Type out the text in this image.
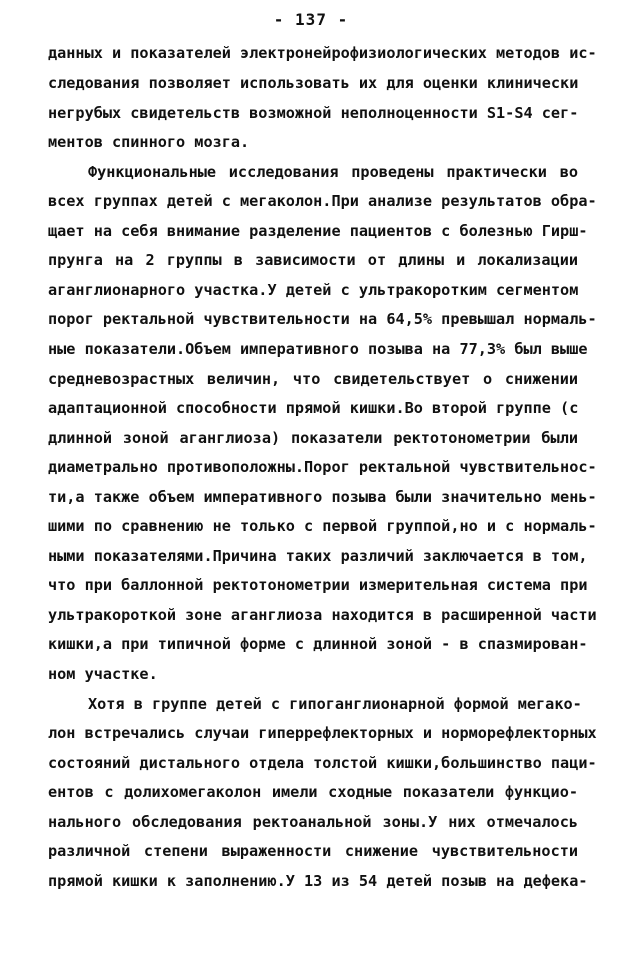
- 137 -
данных и показателей электронейрофизиологических методов ис-
следования позволяет использовать их для оценки клинически
негрубых свидетельств возможной неполноценности S1-S4 сег-
ментов спинного мозга.
Функциональные исследования проведены практически во
всех группах детей с мегаколон.При анализе результатов обра-
щает на себя внимание разделение пациентов с болезнью Гирш-
прунга на 2 группы в зависимости от длины и локализации
аганглионарного участка.У детей с ультракоротким сегментом
порог ректальной чувствительности на 64,5% превышал нормаль-
ные показатели.Объем императивного позыва на 77,3% был выше
средневозрастных величин, что свидетельствует о снижении
адаптационной способности прямой кишки.Во второй группе (с
длинной зоной аганглиоза) показатели ректотонометрии были
диаметрально противоположны.Порог ректальной чувствительнос-
ти,а также объем императивного позыва были значительно мень-
шими по сравнению не только с первой группой,но и с нормаль-
ными показателями.Причина таких различий заключается в том,
что при баллонной ректотонометрии измерительная система при
ультракороткой зоне аганглиоза находится в расширенной части
кишки,а при типичной форме с длинной зоной - в спазмирован-
ном участке.
Хотя в группе детей с гипоганглионарной формой мегако-
лон встречались случаи гиперрефлекторных и норморефлекторных
состояний дистального отдела толстой кишки,большинство паци-
ентов с долихомегаколон имели сходные показатели функцио-
нального обследования ректоанальной зоны.У них отмечалось
различной степени выраженности снижение чувствительности
прямой кишки к заполнению.У 13 из 54 детей позыв на дефека-
